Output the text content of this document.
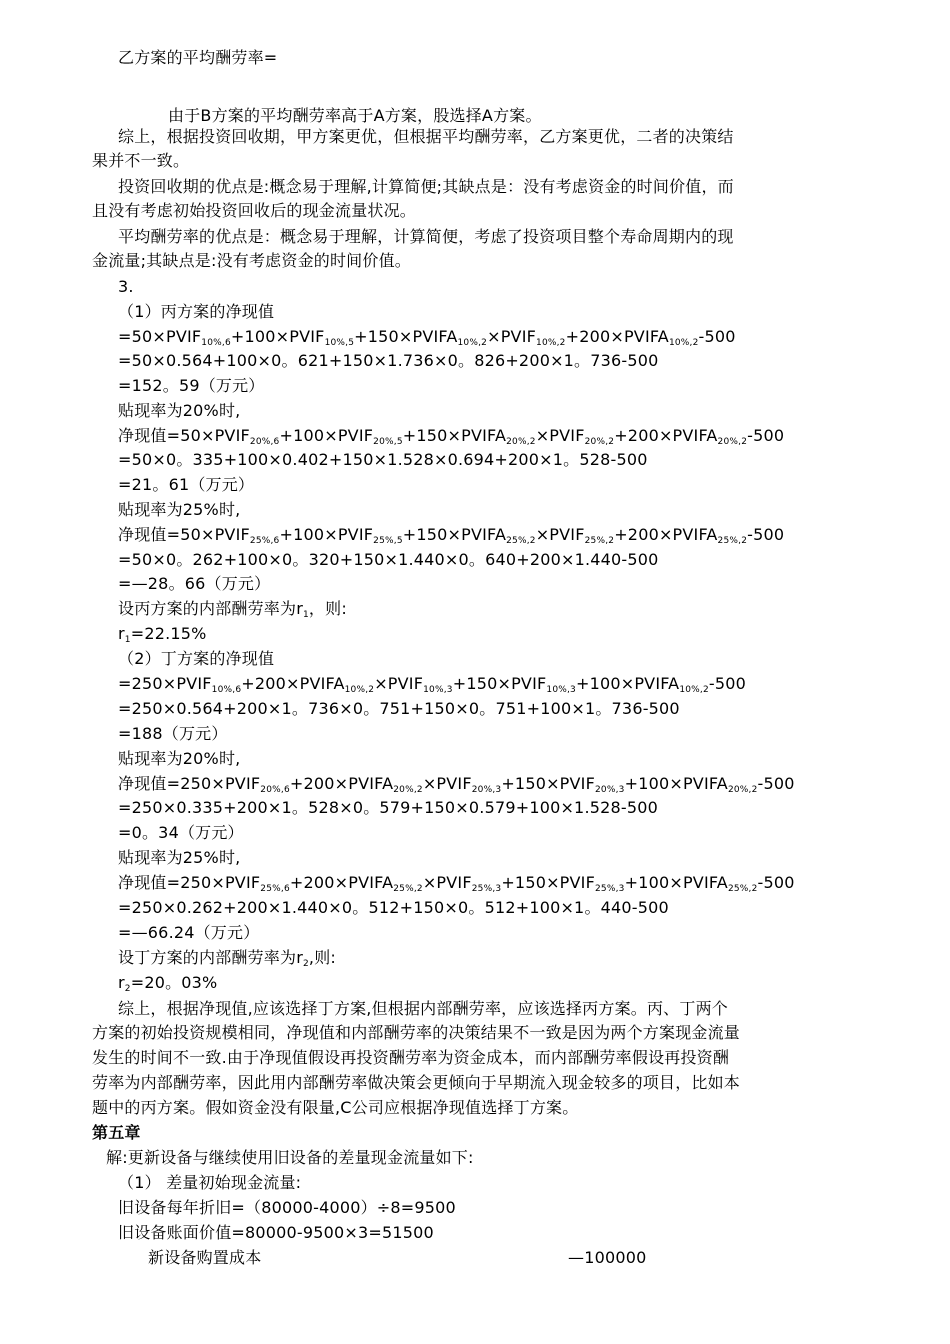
乙方案的平均酬劳率=
由于B方案的平均酬劳率高于A方案，股选择A方案。
综上，根据投资回收期，甲方案更优，但根据平均酬劳率，乙方案更优，二者的决策结
果并不一致。
投资回收期的优点是:概念易于理解,计算简便;其缺点是：没有考虑资金的时间价值，而
且没有考虑初始投资回收后的现金流量状况。
平均酬劳率的优点是：概念易于理解，计算简便，考虑了投资项目整个寿命周期内的现
金流量;其缺点是:没有考虑资金的时间价值。
3.
（1）丙方案的净现值
$=50\times PVIF_{10\%,6}+100\times PVIF_{10\%,5}+150\times PVIFA_{10\%,2}\times PVIF_{10\%,2}+200\times PVIFA_{10\%,2}-500$
=50×0.564+100×0。621+150×1.736×0。826+200×1。736-500
=152。59（万元）
贴现率为20%时,
净现值$=50\times PVIF_{20\%,6}+100\times PVIF_{20\%,5}+150\times PVIFA_{20\%,2}\times PVIF_{20\%,2}+200\times PVIFA_{20\%,2}-500$
=50×0。335+100×0.402+150×1.528×0.694+200×1。528-500
=21。61（万元）
贴现率为25%时,
净现值$=50\times PVIF_{25\%,6}+100\times PVIF_{25\%,5}+150\times PVIFA_{25\%,2}\times PVIF_{25\%,2}+200\times PVIFA_{25\%,2}-500$
=50×0。262+100×0。320+150×1.440×0。640+200×1.440-500
=—28。66（万元）
设丙方案的内部酬劳率为$r_1$，则:
$r_1=22.15\%$
（2）丁方案的净现值
$=250\times PVIF_{10\%,6}+200\times PVIFA_{10\%,2}\times PVIF_{10\%,3}+150\times PVIF_{10\%,3}+100\times PVIFA_{10\%,2}-500$
=250×0.564+200×1。736×0。751+150×0。751+100×1。736-500
=188（万元）
贴现率为20%时,
净现值$=250\times PVIF_{20\%,6}+200\times PVIFA_{20\%,2}\times PVIF_{20\%,3}+150\times PVIF_{20\%,3}+100\times PVIFA_{20\%,2}-500$
=250×0.335+200×1。528×0。579+150×0.579+100×1.528-500
=0。34（万元）
贴现率为25%时,
净现值$=250\times PVIF_{25\%,6}+200\times PVIFA_{25\%,2}\times PVIF_{25\%,3}+150\times PVIF_{25\%,3}+100\times PVIFA_{25\%,2}-500$
=250×0.262+200×1.440×0。512+150×0。512+100×1。440-500
=—66.24（万元）
设丁方案的内部酬劳率为$r_2$,则:
$r_2=20$。03%
综上，根据净现值,应该选择丁方案,但根据内部酬劳率，应该选择丙方案。丙、丁两个
方案的初始投资规模相同，净现值和内部酬劳率的决策结果不一致是因为两个方案现金流量
发生的时间不一致.由于净现值假设再投资酬劳率为资金成本，而内部酬劳率假设再投资酬
劳率为内部酬劳率，因此用内部酬劳率做决策会更倾向于早期流入现金较多的项目，比如本
题中的丙方案。假如资金没有限量,C公司应根据净现值选择丁方案。
第五章
解:更新设备与继续使用旧设备的差量现金流量如下:
（1） 差量初始现金流量:
旧设备每年折旧=（80000-4000）÷8=9500
旧设备账面价值=80000-9500×3=51500
新设备购置成本	—100000
